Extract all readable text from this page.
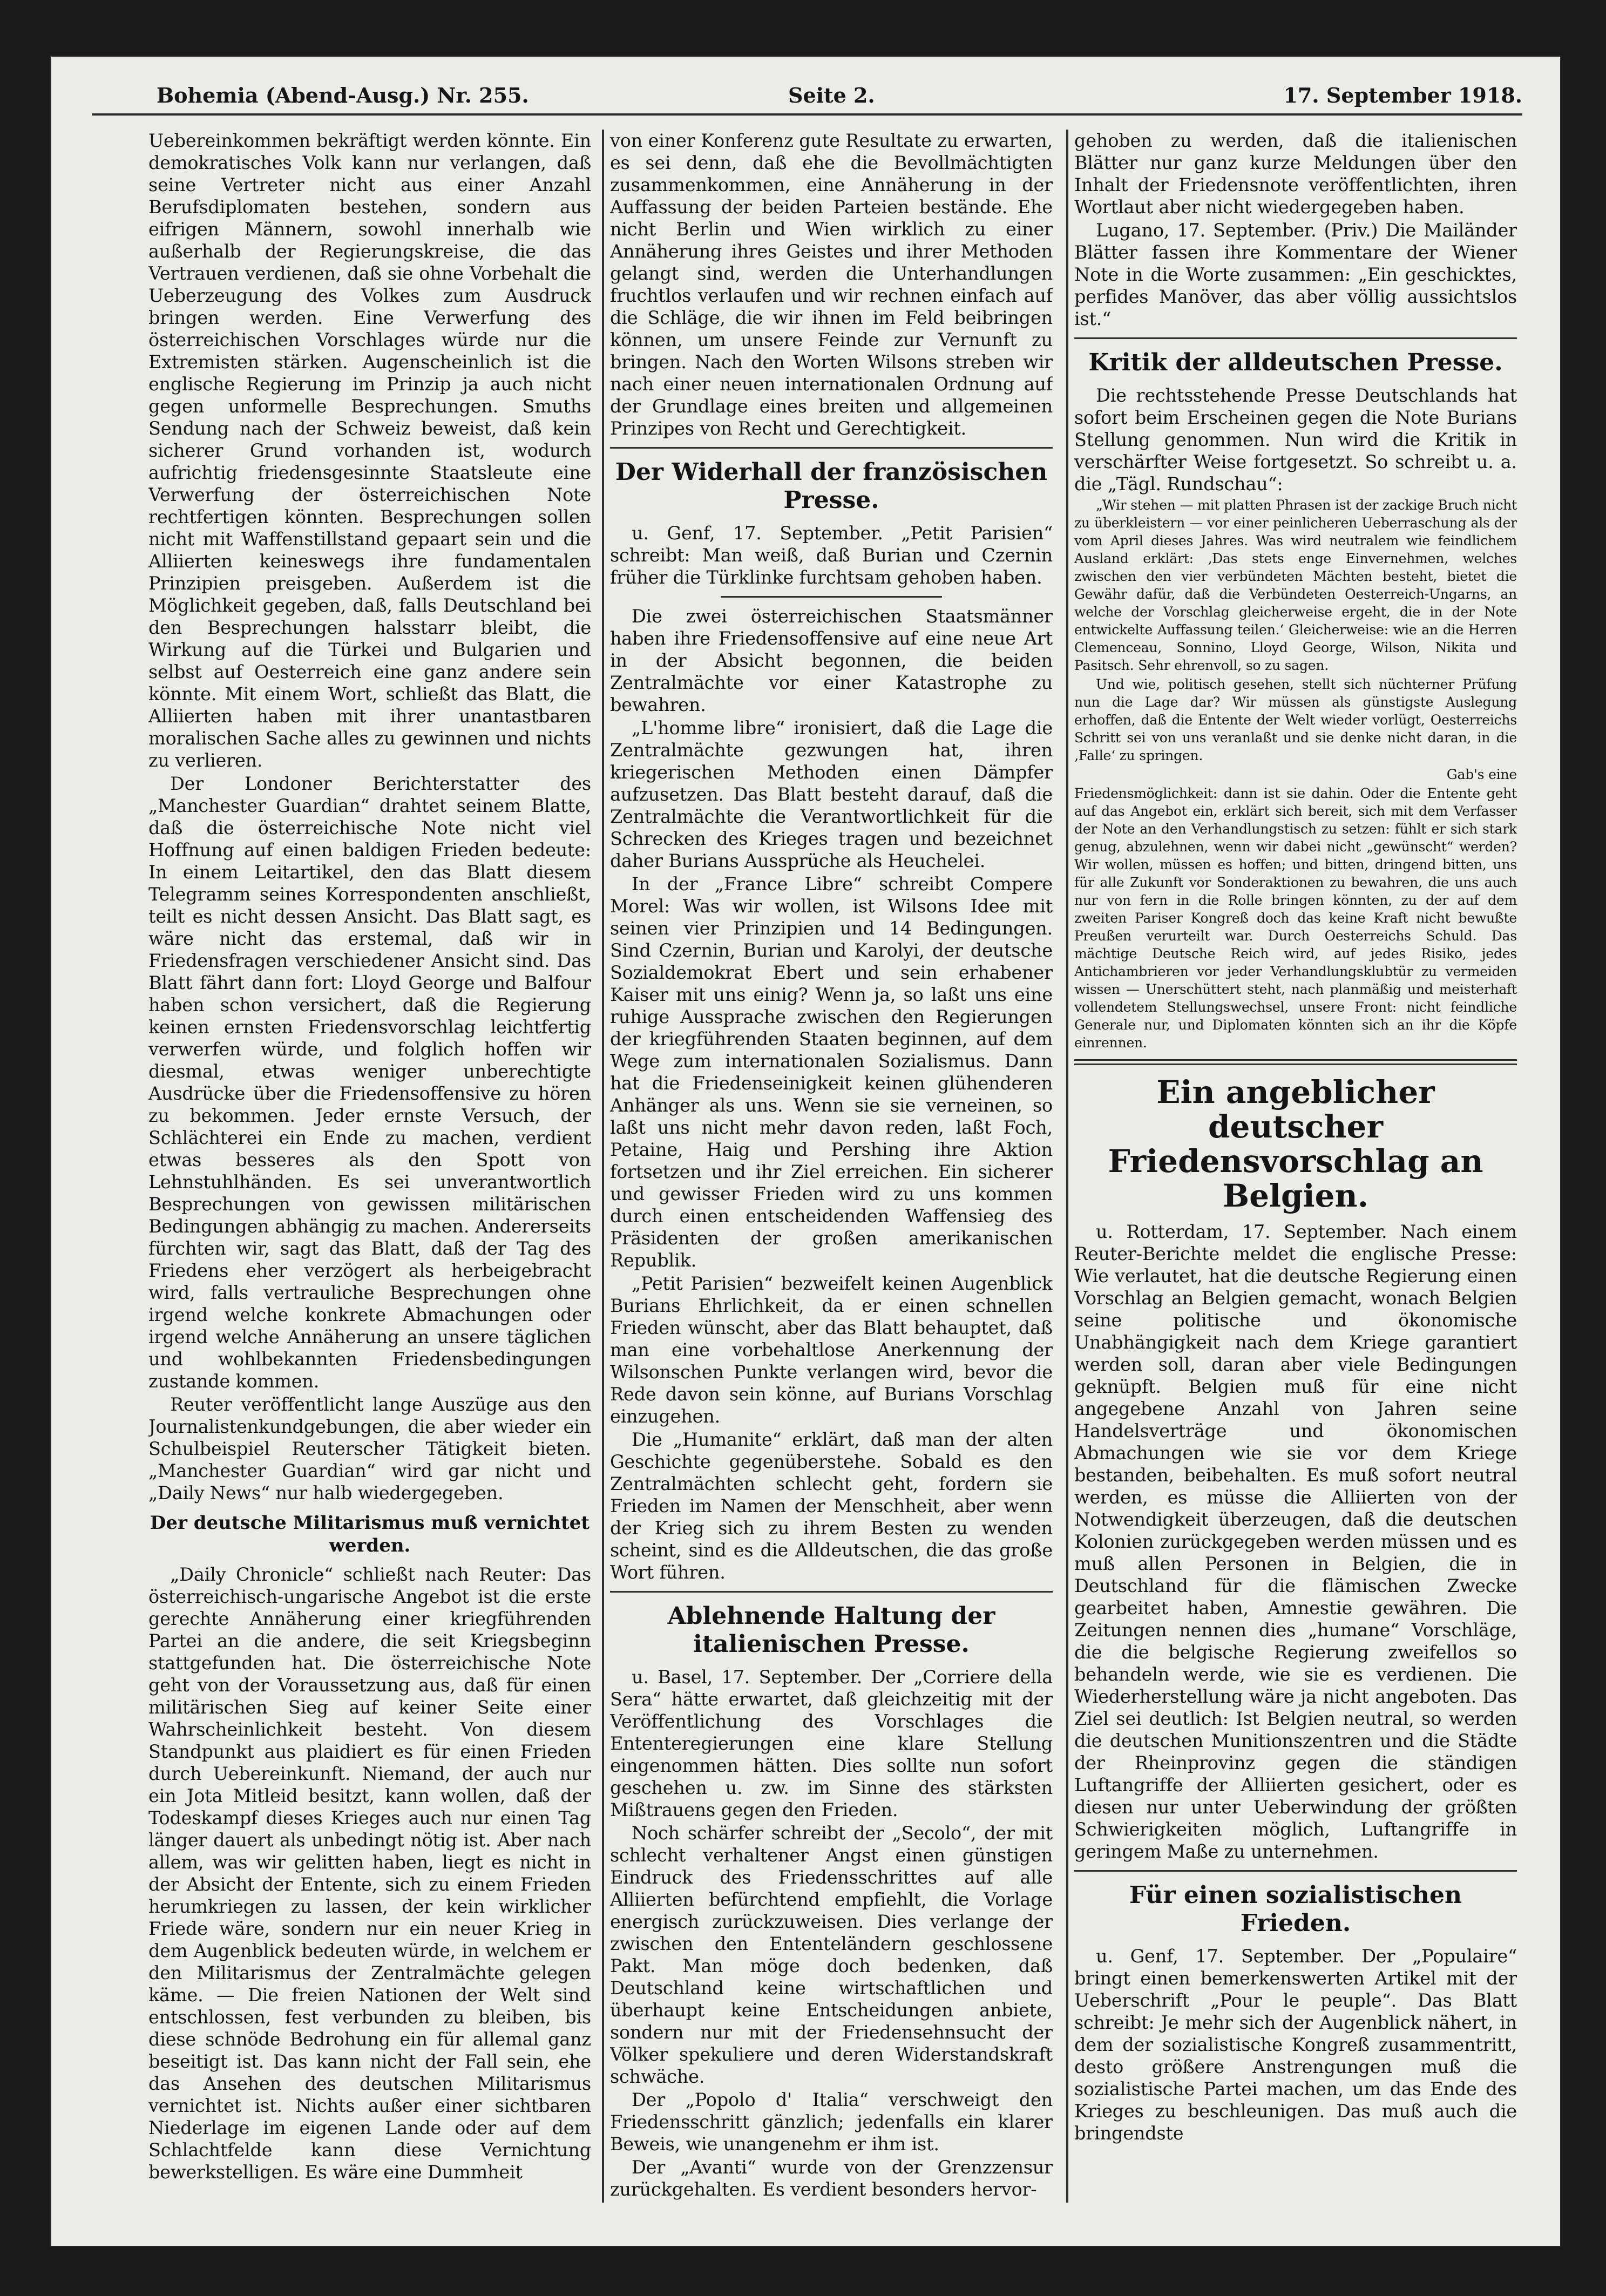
Bohemia (Abend-Ausg.) Nr. 255.	Seite 2.	17. September 1918.

Uebereinkommen bekräftigt werden könnte. Ein demokratisches Volk kann nur verlangen, daß seine Vertreter nicht aus einer Anzahl Berufsdiplomaten bestehen, sondern aus eifrigen Männern, sowohl innerhalb wie außerhalb der Regierungskreise, die das Vertrauen verdienen, daß sie ohne Vorbehalt die Ueberzeugung des Volkes zum Ausdruck bringen werden. Eine Verwerfung des österreichischen Vorschlages würde nur die Extremisten stärken. Augenscheinlich ist die englische Regierung im Prinzip ja auch nicht gegen unformelle Besprechungen. Smuths Sendung nach der Schweiz beweist, daß kein sicherer Grund vorhanden ist, wodurch aufrichtig friedensgesinnte Staatsleute eine Verwerfung der österreichischen Note rechtfertigen könnten. Besprechungen sollen nicht mit Waffenstillstand gepaart sein und die Alliierten keineswegs ihre fundamentalen Prinzipien preisgeben. Außerdem ist die Möglichkeit gegeben, daß, falls Deutschland bei den Besprechungen halsstarr bleibt, die Wirkung auf die Türkei und Bulgarien und selbst auf Oesterreich eine ganz andere sein könnte. Mit einem Wort, schließt das Blatt, die Alliierten haben mit ihrer unantastbaren moralischen Sache alles zu gewinnen und nichts zu verlieren.

Der Londoner Berichterstatter des „Manchester Guardian“ drahtet seinem Blatte, daß die österreichische Note nicht viel Hoffnung auf einen baldigen Frieden bedeute: In einem Leitartikel, den das Blatt diesem Telegramm seines Korrespondenten anschließt, teilt es nicht dessen Ansicht. Das Blatt sagt, es wäre nicht das erstemal, daß wir in Friedensfragen verschiedener Ansicht sind. Das Blatt fährt dann fort: Lloyd George und Balfour haben schon versichert, daß die Regierung keinen ernsten Friedensvorschlag leichtfertig verwerfen würde, und folglich hoffen wir diesmal, etwas weniger unberechtigte Ausdrücke über die Friedensoffensive zu hören zu bekommen. Jeder ernste Versuch, der Schlächterei ein Ende zu machen, verdient etwas besseres als den Spott von Lehnstuhlhänden. Es sei unverantwortlich Besprechungen von gewissen militärischen Bedingungen abhängig zu machen. Andererseits fürchten wir, sagt das Blatt, daß der Tag des Friedens eher verzögert als herbeigebracht wird, falls vertrauliche Besprechungen ohne irgend welche konkrete Abmachungen oder irgend welche Annäherung an unsere täglichen und wohlbekannten Friedensbedingungen zustande kommen.

Reuter veröffentlicht lange Auszüge aus den Journalistenkundgebungen, die aber wieder ein Schulbeispiel Reuterscher Tätigkeit bieten. „Manchester Guardian“ wird gar nicht und „Daily News“ nur halb wiedergegeben.

Der deutsche Militarismus muß vernichtet werden.

„Daily Chronicle“ schließt nach Reuter: Das österreichisch-ungarische Angebot ist die erste gerechte Annäherung einer kriegführenden Partei an die andere, die seit Kriegsbeginn stattgefunden hat. Die österreichische Note geht von der Voraussetzung aus, daß für einen militärischen Sieg auf keiner Seite einer Wahrscheinlichkeit besteht. Von diesem Standpunkt aus plaidiert es für einen Frieden durch Uebereinkunft. Niemand, der auch nur ein Jota Mitleid besitzt, kann wollen, daß der Todeskampf dieses Krieges auch nur einen Tag länger dauert als unbedingt nötig ist. Aber nach allem, was wir gelitten haben, liegt es nicht in der Absicht der Entente, sich zu einem Frieden herumkriegen zu lassen, der kein wirklicher Friede wäre, sondern nur ein neuer Krieg in dem Augenblick bedeuten würde, in welchem er den Militarismus der Zentralmächte gelegen käme. — Die freien Nationen der Welt sind entschlossen, fest verbunden zu bleiben, bis diese schnöde Bedrohung ein für allemal ganz beseitigt ist. Das kann nicht der Fall sein, ehe das Ansehen des deutschen Militarismus vernichtet ist. Nichts außer einer sichtbaren Niederlage im eigenen Lande oder auf dem Schlachtfelde kann diese Vernichtung bewerkstelligen. Es wäre eine Dummheit

von einer Konferenz gute Resultate zu erwarten, es sei denn, daß ehe die Bevollmächtigten zusammenkommen, eine Annäherung in der Auffassung der beiden Parteien bestände. Ehe nicht Berlin und Wien wirklich zu einer Annäherung ihres Geistes und ihrer Methoden gelangt sind, werden die Unterhandlungen fruchtlos verlaufen und wir rechnen einfach auf die Schläge, die wir ihnen im Feld beibringen können, um unsere Feinde zur Vernunft zu bringen. Nach den Worten Wilsons streben wir nach einer neuen internationalen Ordnung auf der Grundlage eines breiten und allgemeinen Prinzipes von Recht und Gerechtigkeit.

Der Widerhall der französischen Presse.

u. Genf, 17. September. „Petit Parisien“ schreibt: Man weiß, daß Burian und Czernin früher die Türklinke furchtsam gehoben haben.

Die zwei österreichischen Staatsmänner haben ihre Friedensoffensive auf eine neue Art in der Absicht begonnen, die beiden Zentralmächte vor einer Katastrophe zu bewahren.

„L'homme libre“ ironisiert, daß die Lage die Zentralmächte gezwungen hat, ihren kriegerischen Methoden einen Dämpfer aufzusetzen. Das Blatt besteht darauf, daß die Zentralmächte die Verantwortlichkeit für die Schrecken des Krieges tragen und bezeichnet daher Burians Aussprüche als Heuchelei.

In der „France Libre“ schreibt Compere Morel: Was wir wollen, ist Wilsons Idee mit seinen vier Prinzipien und 14 Bedingungen. Sind Czernin, Burian und Karolyi, der deutsche Sozialdemokrat Ebert und sein erhabener Kaiser mit uns einig? Wenn ja, so laßt uns eine ruhige Aussprache zwischen den Regierungen der kriegführenden Staaten beginnen, auf dem Wege zum internationalen Sozialismus. Dann hat die Friedenseinigkeit keinen glühenderen Anhänger als uns. Wenn sie sie verneinen, so laßt uns nicht mehr davon reden, laßt Foch, Petaine, Haig und Pershing ihre Aktion fortsetzen und ihr Ziel erreichen. Ein sicherer und gewisser Frieden wird zu uns kommen durch einen entscheidenden Waffensieg des Präsidenten der großen amerikanischen Republik.

„Petit Parisien“ bezweifelt keinen Augenblick Burians Ehrlichkeit, da er einen schnellen Frieden wünscht, aber das Blatt behauptet, daß man eine vorbehaltlose Anerkennung der Wilsonschen Punkte verlangen wird, bevor die Rede davon sein könne, auf Burians Vorschlag einzugehen.

Die „Humanite“ erklärt, daß man der alten Geschichte gegenüberstehe. Sobald es den Zentralmächten schlecht geht, fordern sie Frieden im Namen der Menschheit, aber wenn der Krieg sich zu ihrem Besten zu wenden scheint, sind es die Alldeutschen, die das große Wort führen.

Ablehnende Haltung der italienischen Presse.

u. Basel, 17. September. Der „Corriere della Sera“ hätte erwartet, daß gleichzeitig mit der Veröffentlichung des Vorschlages die Ententeregierungen eine klare Stellung eingenommen hätten. Dies sollte nun sofort geschehen u. zw. im Sinne des stärksten Mißtrauens gegen den Frieden.

Noch schärfer schreibt der „Secolo“, der mit schlecht verhaltener Angst einen günstigen Eindruck des Friedensschrittes auf alle Alliierten befürchtend empfiehlt, die Vorlage energisch zurückzuweisen. Dies verlange der zwischen den Ententeländern geschlossene Pakt. Man möge doch bedenken, daß Deutschland keine wirtschaftlichen und überhaupt keine Entscheidungen anbiete, sondern nur mit der Friedensehnsucht der Völker spekuliere und deren Widerstandskraft schwäche.

Der „Popolo d' Italia“ verschweigt den Friedensschritt gänzlich; jedenfalls ein klarer Beweis, wie unangenehm er ihm ist.

Der „Avanti“ wurde von der Grenzzensur zurückgehalten. Es verdient besonders hervor-

gehoben zu werden, daß die italienischen Blätter nur ganz kurze Meldungen über den Inhalt der Friedensnote veröffentlichten, ihren Wortlaut aber nicht wiedergegeben haben.

Lugano, 17. September. (Priv.) Die Mailänder Blätter fassen ihre Kommentare der Wiener Note in die Worte zusammen: „Ein geschicktes, perfides Manöver, das aber völlig aussichtslos ist.“

Kritik der alldeutschen Presse.

Die rechtsstehende Presse Deutschlands hat sofort beim Erscheinen gegen die Note Burians Stellung genommen. Nun wird die Kritik in verschärfter Weise fortgesetzt. So schreibt u. a. die „Tägl. Rundschau“:

„Wir stehen — mit platten Phrasen ist der zackige Bruch nicht zu überkleistern — vor einer peinlicheren Ueberraschung als der vom April dieses Jahres. Was wird neutralem wie feindlichem Ausland erklärt: ‚Das stets enge Einvernehmen, welches zwischen den vier verbündeten Mächten besteht, bietet die Gewähr dafür, daß die Verbündeten Oesterreich-Ungarns, an welche der Vorschlag gleicherweise ergeht, die in der Note entwickelte Auffassung teilen.‘ Gleicherweise: wie an die Herren Clemenceau, Sonnino, Lloyd George, Wilson, Nikita und Pasitsch. Sehr ehrenvoll, so zu sagen.

Und wie, politisch gesehen, stellt sich nüchterner Prüfung nun die Lage dar? Wir müssen als günstigste Auslegung erhoffen, daß die Entente der Welt wieder vorlügt, Oesterreichs Schritt sei von uns veranlaßt und sie denke nicht daran, in die ‚Falle‘ zu springen.

Gab's eine

Friedensmöglichkeit: dann ist sie dahin. Oder die Entente geht auf das Angebot ein, erklärt sich bereit, sich mit dem Verfasser der Note an den Verhandlungstisch zu setzen: fühlt er sich stark genug, abzulehnen, wenn wir dabei nicht „gewünscht“ werden? Wir wollen, müssen es hoffen; und bitten, dringend bitten, uns für alle Zukunft vor Sonderaktionen zu bewahren, die uns auch nur von fern in die Rolle bringen könnten, zu der auf dem zweiten Pariser Kongreß doch das keine Kraft nicht bewußte Preußen verurteilt war. Durch Oesterreichs Schuld. Das mächtige Deutsche Reich wird, auf jedes Risiko, jedes Antichambrieren vor jeder Verhandlungsklubtür zu vermeiden wissen — Unerschüttert steht, nach planmäßig und meisterhaft vollendetem Stellungswechsel, unsere Front: nicht feindliche Generale nur, und Diplomaten könnten sich an ihr die Köpfe einrennen.

Ein angeblicher deutscher Friedensvorschlag an Belgien.

u. Rotterdam, 17. September. Nach einem Reuter-Berichte meldet die englische Presse: Wie verlautet, hat die deutsche Regierung einen Vorschlag an Belgien gemacht, wonach Belgien seine politische und ökonomische Unabhängigkeit nach dem Kriege garantiert werden soll, daran aber viele Bedingungen geknüpft. Belgien muß für eine nicht angegebene Anzahl von Jahren seine Handelsverträge und ökonomischen Abmachungen wie sie vor dem Kriege bestanden, beibehalten. Es muß sofort neutral werden, es müsse die Alliierten von der Notwendigkeit überzeugen, daß die deutschen Kolonien zurückgegeben werden müssen und es muß allen Personen in Belgien, die in Deutschland für die flämischen Zwecke gearbeitet haben, Amnestie gewähren. Die Zeitungen nennen dies „humane“ Vorschläge, die die belgische Regierung zweifellos so behandeln werde, wie sie es verdienen. Die Wiederherstellung wäre ja nicht angeboten. Das Ziel sei deutlich: Ist Belgien neutral, so werden die deutschen Munitionszentren und die Städte der Rheinprovinz gegen die ständigen Luftangriffe der Alliierten gesichert, oder es diesen nur unter Ueberwindung der größten Schwierigkeiten möglich, Luftangriffe in geringem Maße zu unternehmen.

Für einen sozialistischen Frieden.

u. Genf, 17. September. Der „Populaire“ bringt einen bemerkenswerten Artikel mit der Ueberschrift „Pour le peuple“. Das Blatt schreibt: Je mehr sich der Augenblick nähert, in dem der sozialistische Kongreß zusammentritt, desto größere Anstrengungen muß die sozialistische Partei machen, um das Ende des Krieges zu beschleunigen. Das muß auch die bringendste
